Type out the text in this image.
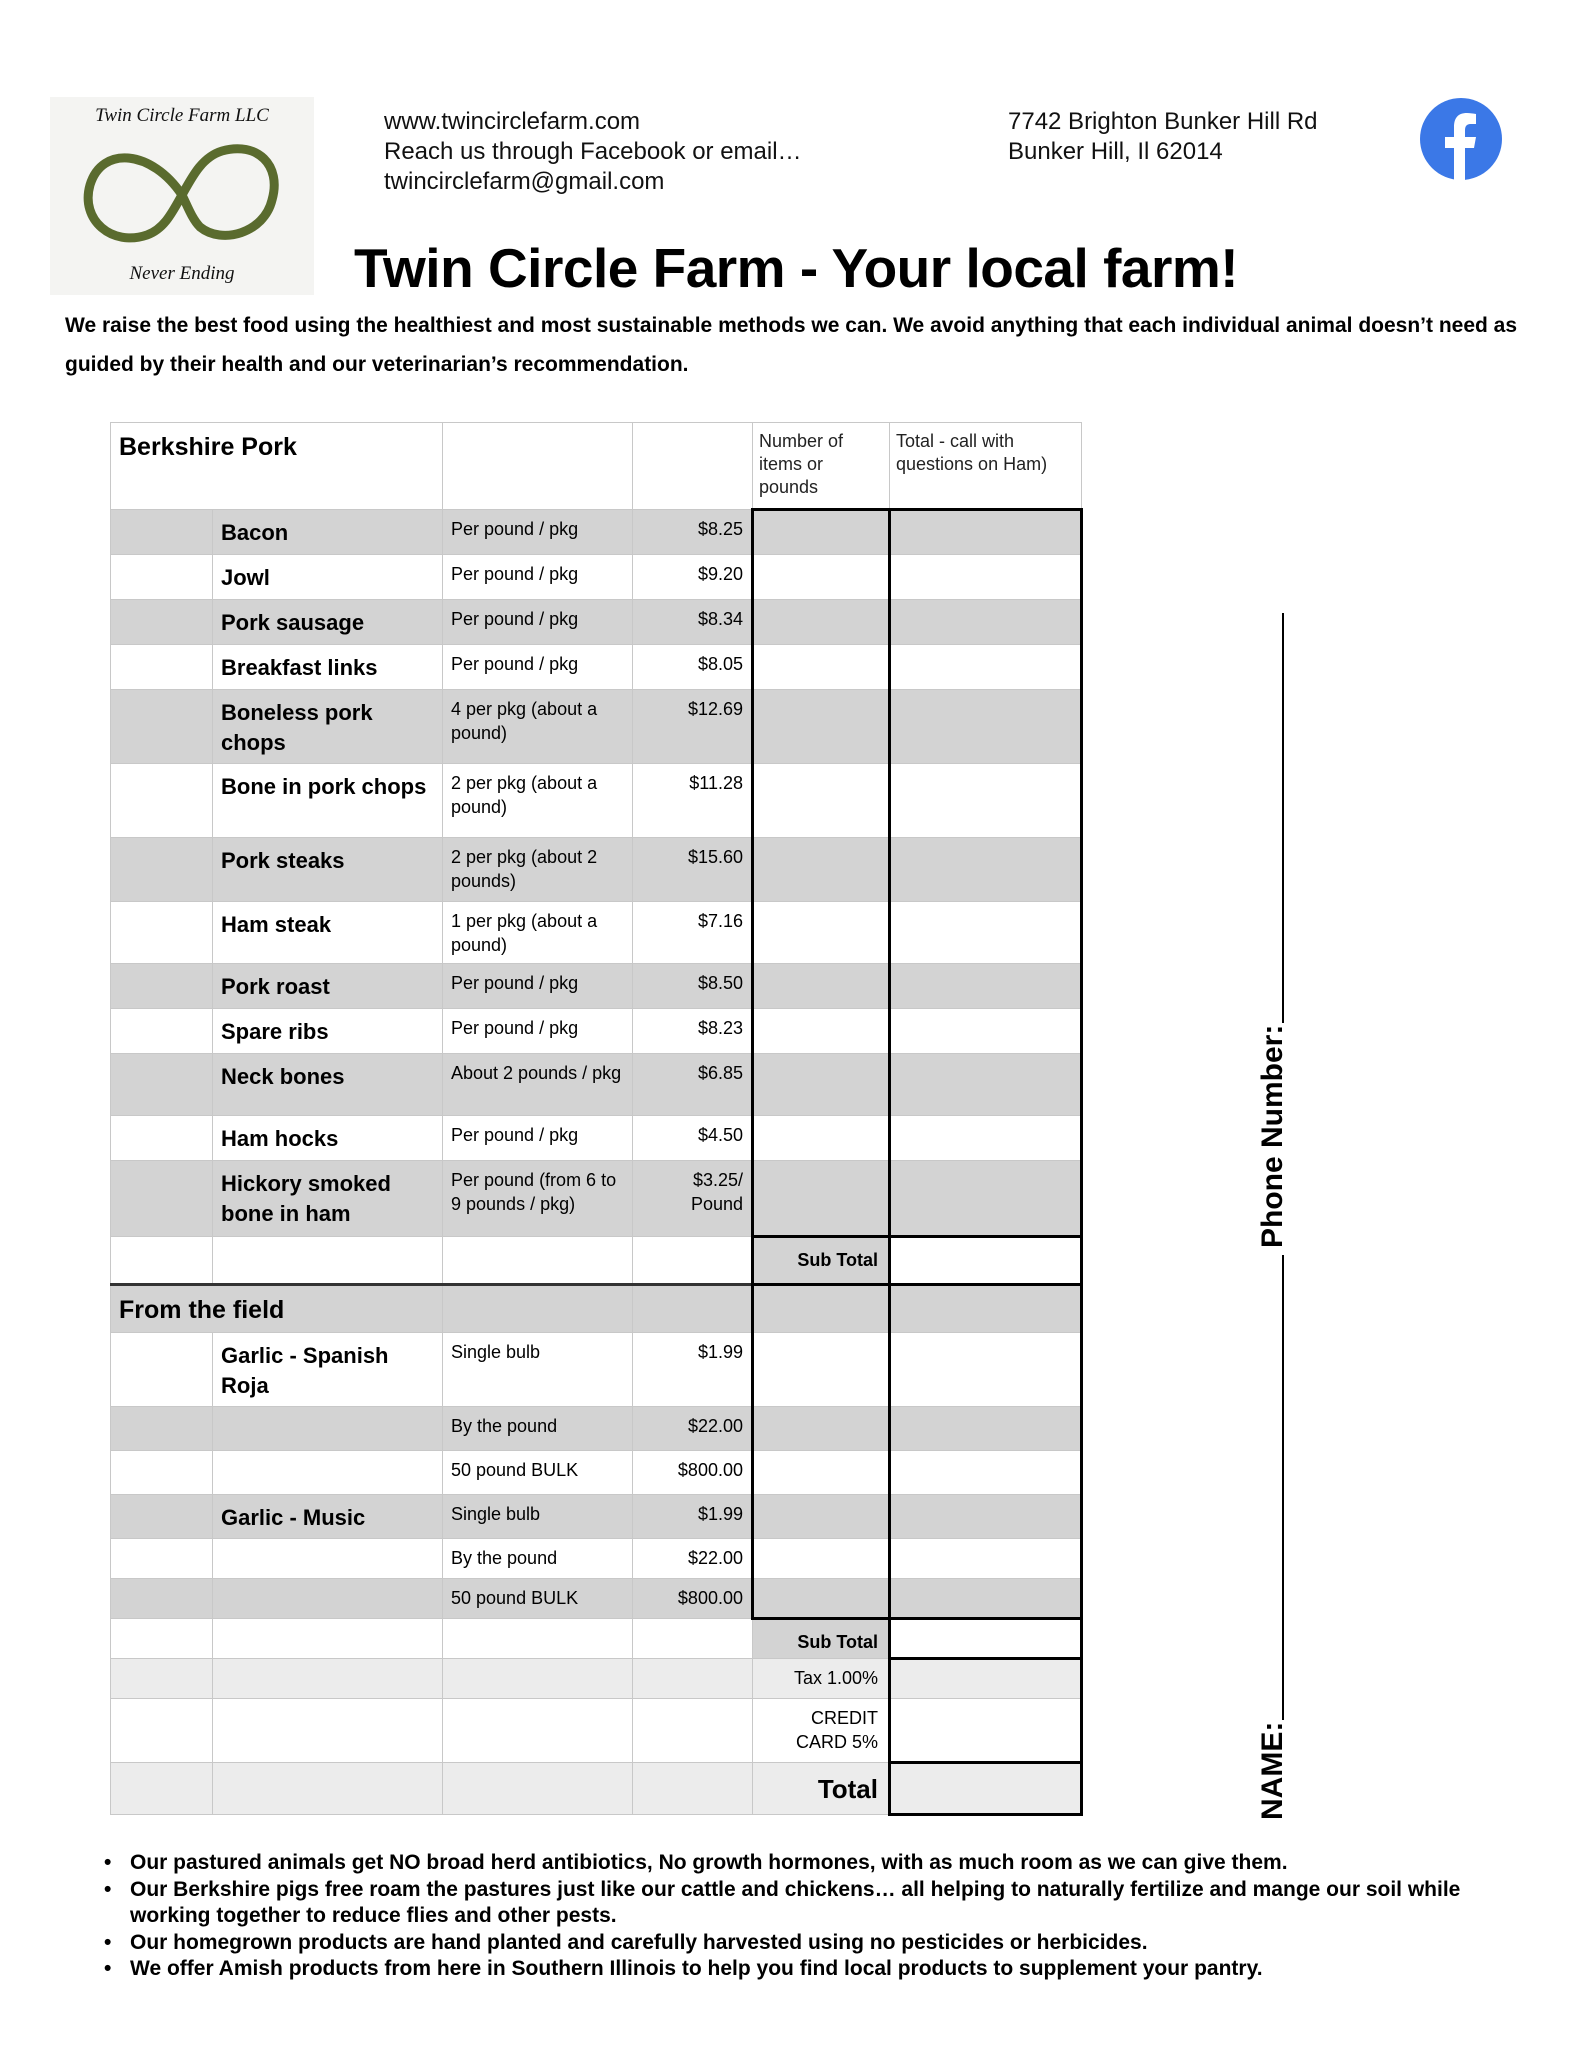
Twin Circle Farm LLC
Never Ending
www.twincirclefarm.com
Reach us through Facebook or email…
twincirclefarm@gmail.com
7742 Brighton Bunker Hill Rd
Bunker Hill, Il 62014
Twin Circle Farm - Your local farm!

We raise the best food using the healthiest and most sustainable methods we can. We avoid anything that each individual animal doesn’t need as guided by their health and our veterinarian’s recommendation.

Berkshire Pork				Number of items or pounds	Total - call with questions on Ham)
	Bacon	Per pound / pkg	$8.25		
	Jowl	Per pound / pkg	$9.20		
	Pork sausage	Per pound / pkg	$8.34		
	Breakfast links	Per pound / pkg	$8.05		
	Boneless pork chops	4 per pkg (about a pound)	$12.69		
	Bone in pork chops	2 per pkg (about a pound)	$11.28		
	Pork steaks	2 per pkg (about 2 pounds)	$15.60		
	Ham steak	1 per pkg (about a pound)	$7.16		
	Pork roast	Per pound / pkg	$8.50		
	Spare ribs	Per pound / pkg	$8.23		
	Neck bones	About 2 pounds / pkg	$6.85		
	Ham hocks	Per pound / pkg	$4.50		
	Hickory smoked bone in ham	Per pound (from 6 to 9 pounds / pkg)	$3.25/ Pound		
				Sub Total	
From the field					
	Garlic - Spanish Roja	Single bulb	$1.99		
		By the pound	$22.00		
		50 pound BULK	$800.00		
	Garlic - Music	Single bulb	$1.99		
		By the pound	$22.00		
		50 pound BULK	$800.00		
				Sub Total	
				Tax 1.00%	
				CREDIT CARD 5%	
				Total	
Phone Number:
NAME:
• Our pastured animals get NO broad herd antibiotics, No growth hormones, with as much room as we can give them.
• Our Berkshire pigs free roam the pastures just like our cattle and chickens… all helping to naturally fertilize and mange our soil while working together to reduce flies and other pests.
• Our homegrown products are hand planted and carefully harvested using no pesticides or herbicides.
• We offer Amish products from here in Southern Illinois to help you find local products to supplement your pantry.
